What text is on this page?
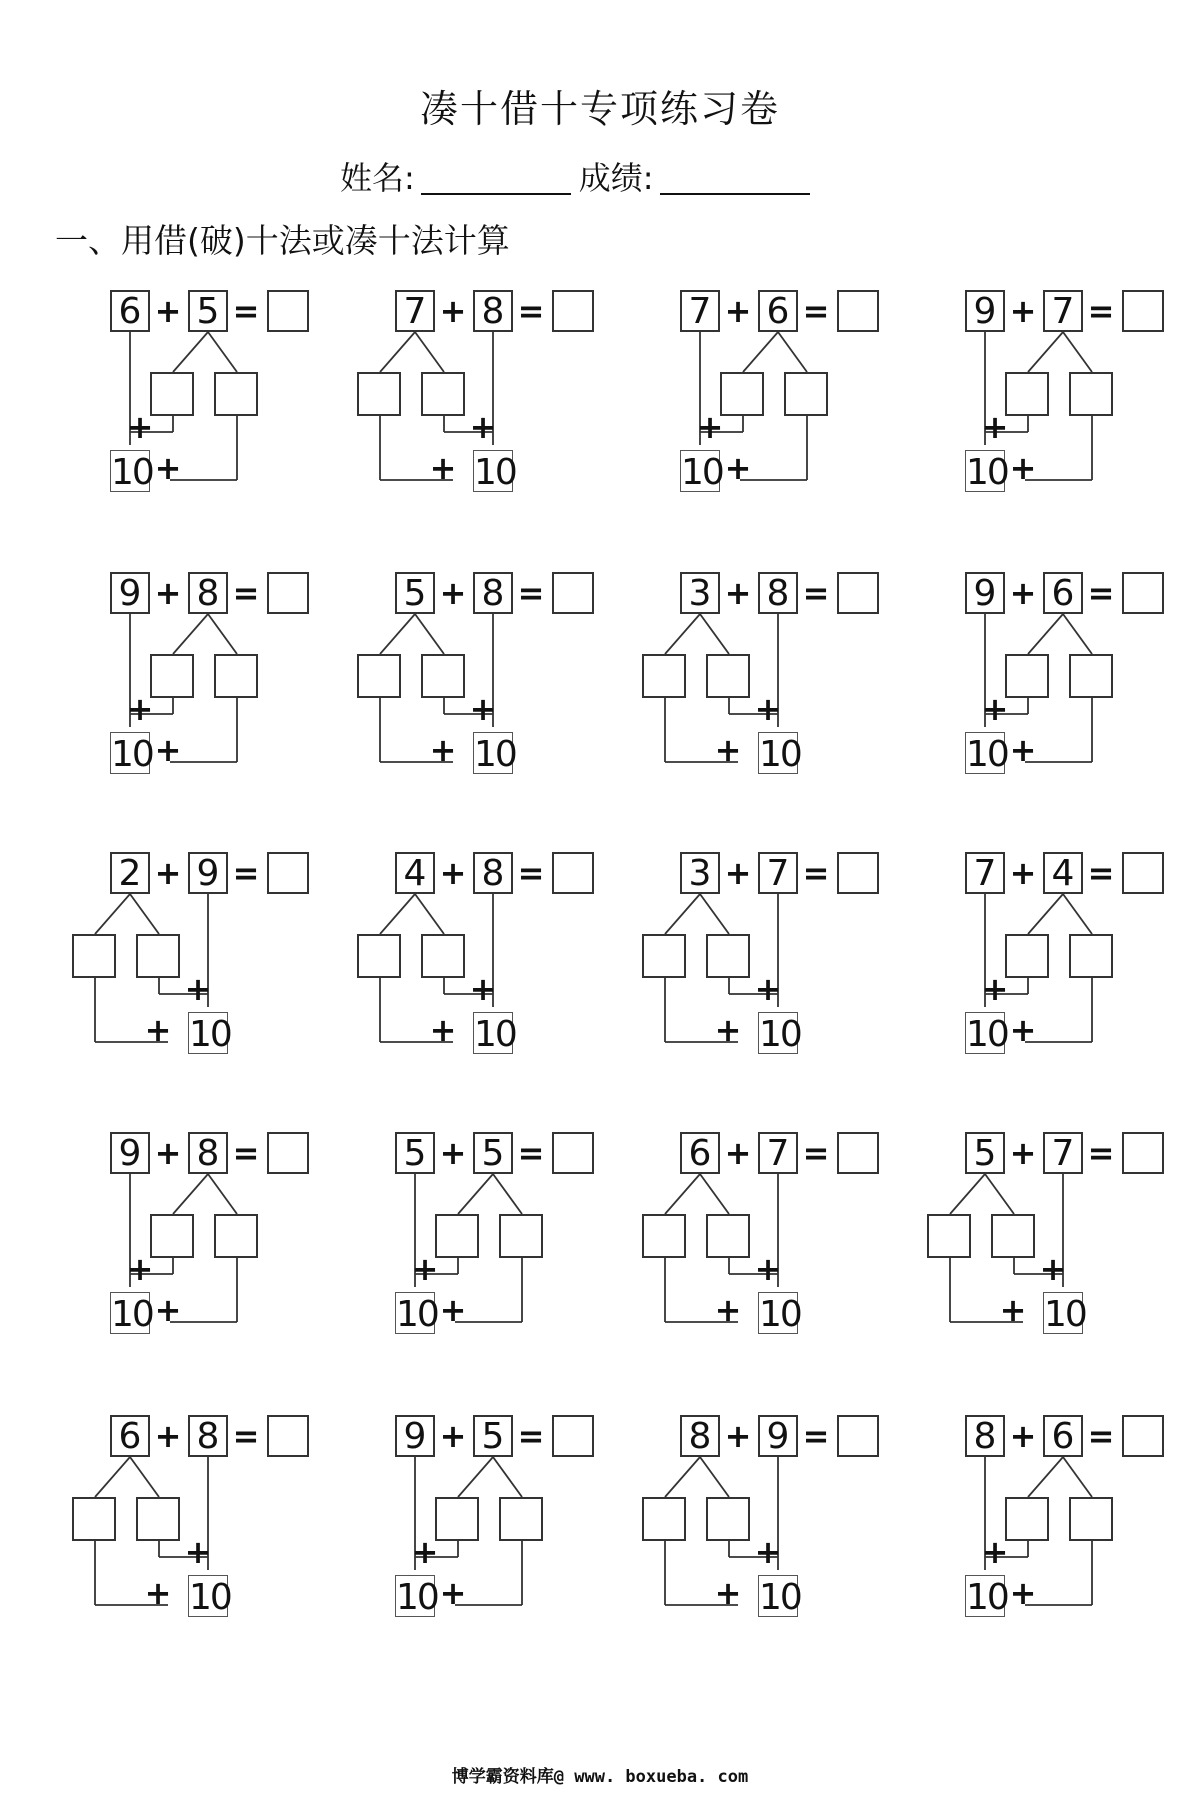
凑十借十专项练习卷
姓名:	成绩:
一、用借(破)十法或凑十法计算
6 + 5 =
+
10 +
7 + 8 =
+
10
+
7 + 6 =
+
10 +
9 + 7 =
+
10 +
9 + 8 =
+
10 +
5 + 8 =
+
10
+
3 + 8 =
+
10
+
9 + 6 =
+
10 +
2 + 9 =
+
10
+
4 + 8 =
+
10
+
3 + 7 =
+
10
+
7 + 4 =
+
10 +
9 + 8 =
+
10 +
5 + 5 =
+
10 +
6 + 7 =
+
10
+
5 + 7 =
+
10
+
6 + 8 =
+
10
+
9 + 5 =
+
10 +
8 + 9 =
+
10
+
8 + 6 =
+
10 +
博学霸资料库@ www. boxueba. com
